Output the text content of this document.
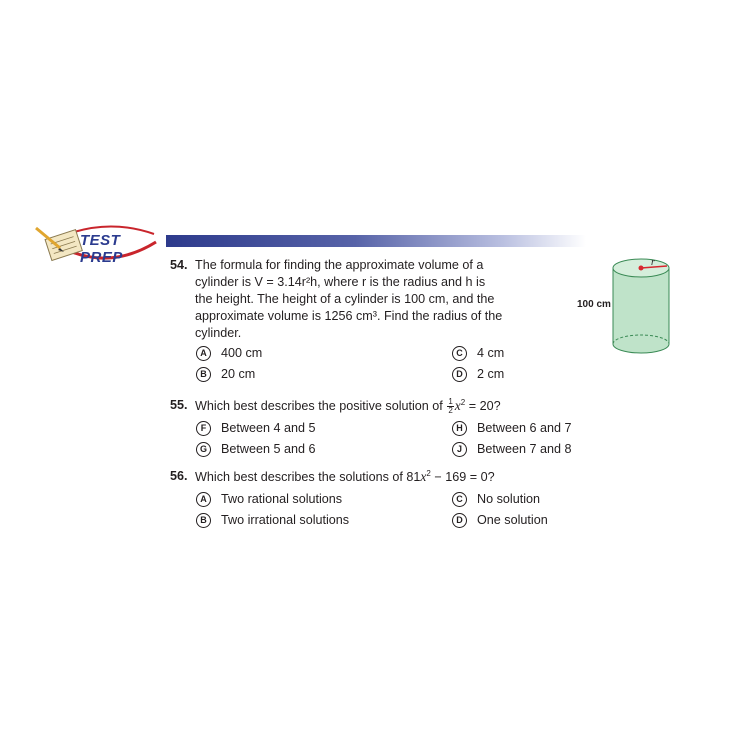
TEST PREP	54. The formula for finding the approximate volume of a
cylinder is V = 3.14r²h, where r is the radius and h is
the height. The height of a cylinder is 100 cm, and the
approximate volume is 1256 cm³. Find the radius of the
cylinder.
A	400 cm
B	20 cm
C	4 cm
D	2 cm
55. Which best describes the positive solution of $\frac{1}{2} x^2 = 20$?
F	Between 4 and 5
G	Between 5 and 6
H	Between 6 and 7
J	Between 7 and 8
56. Which best describes the solutions of $81x^2 - 169 = 0$?
A	Two rational solutions
B	Two irrational solutions
C	No solution
D	One solution
100 cm
r
